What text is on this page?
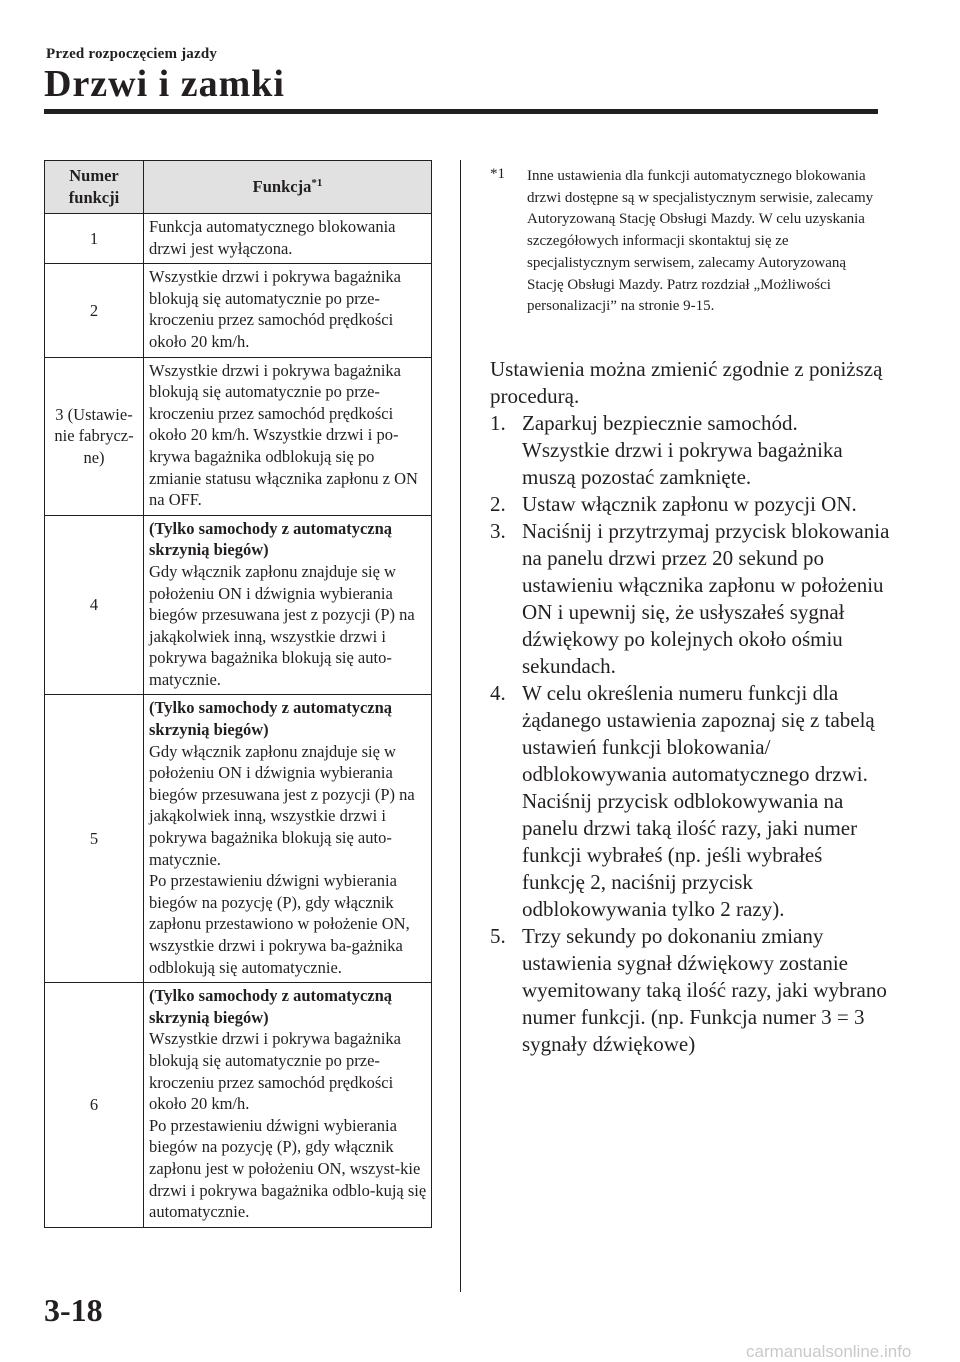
Przed rozpoczęciem jazdy
Drzwi i zamki
Numer funkcji	Funkcja$^{*1}$
1	Funkcja automatycznego blokowania drzwi jest wyłączona.

2	Wszystkie drzwi i pokrywa bagażnika blokują się automatycznie po prze-kroczeniu przez samochód prędkości około 20 km/h.

3 (Ustawie-nie fabrycz-ne)	Wszystkie drzwi i pokrywa bagażnika blokują się automatycznie po prze-kroczeniu przez samochód prędkości około 20 km/h. Wszystkie drzwi i po-krywa bagażnika odblokują się po zmianie statusu włącznika zapłonu z ON na OFF.

4	(Tylko samochody z automatyczną skrzynią biegów)
Gdy włącznik zapłonu znajduje się w położeniu ON i dźwignia wybierania biegów przesuwana jest z pozycji (P) na jakąkolwiek inną, wszystkie drzwi i pokrywa bagażnika blokują się auto-matycznie.

5	(Tylko samochody z automatyczną skrzynią biegów)
Gdy włącznik zapłonu znajduje się w położeniu ON i dźwignia wybierania biegów przesuwana jest z pozycji (P) na jakąkolwiek inną, wszystkie drzwi i pokrywa bagażnika blokują się auto-matycznie.
Po przestawieniu dźwigni wybierania biegów na pozycję (P), gdy włącznik zapłonu przestawiono w położenie ON, wszystkie drzwi i pokrywa ba-gażnika odblokują się automatycznie.

6	(Tylko samochody z automatyczną skrzynią biegów)
Wszystkie drzwi i pokrywa bagażnika blokują się automatycznie po prze-kroczeniu przez samochód prędkości około 20 km/h.
Po przestawieniu dźwigni wybierania biegów na pozycję (P), gdy włącznik zapłonu jest w położeniu ON, wszyst-kie drzwi i pokrywa bagażnika odblo-kują się automatycznie.
*1 Inne ustawienia dla funkcji automatycznego blokowania drzwi dostępne są w specjalistycznym serwisie, zalecamy Autoryzowaną Stację Obsługi Mazdy. W celu uzyskania szczegółowych informacji skontaktuj się ze specjalistycznym serwisem, zalecamy Autoryzowaną Stację Obsługi Mazdy. Patrz rozdział „Możliwości personalizacji” na stronie 9-15.
Ustawienia można zmienić zgodnie z poniższą procedurą.
1. Zaparkuj bezpiecznie samochód. Wszystkie drzwi i pokrywa bagażnika muszą pozostać zamknięte.
2. Ustaw włącznik zapłonu w pozycji ON.
3. Naciśnij i przytrzymaj przycisk blokowania na panelu drzwi przez 20 sekund po ustawieniu włącznika zapłonu w położeniu ON i upewnij się, że usłyszałeś sygnał dźwiękowy po kolejnych około ośmiu sekundach.
4. W celu określenia numeru funkcji dla żądanego ustawienia zapoznaj się z tabelą ustawień funkcji blokowania/ odblokowywania automatycznego drzwi. Naciśnij przycisk odblokowywania na panelu drzwi taką ilość razy, jaki numer funkcji wybrałeś (np. jeśli wybrałeś funkcję 2, naciśnij przycisk odblokowywania tylko 2 razy).
5. Trzy sekundy po dokonaniu zmiany ustawienia sygnał dźwiękowy zostanie wyemitowany taką ilość razy, jaki wybrano numer funkcji. (np. Funkcja numer 3 = 3 sygnały dźwiękowe)
3-18
carmanualsonline.info
